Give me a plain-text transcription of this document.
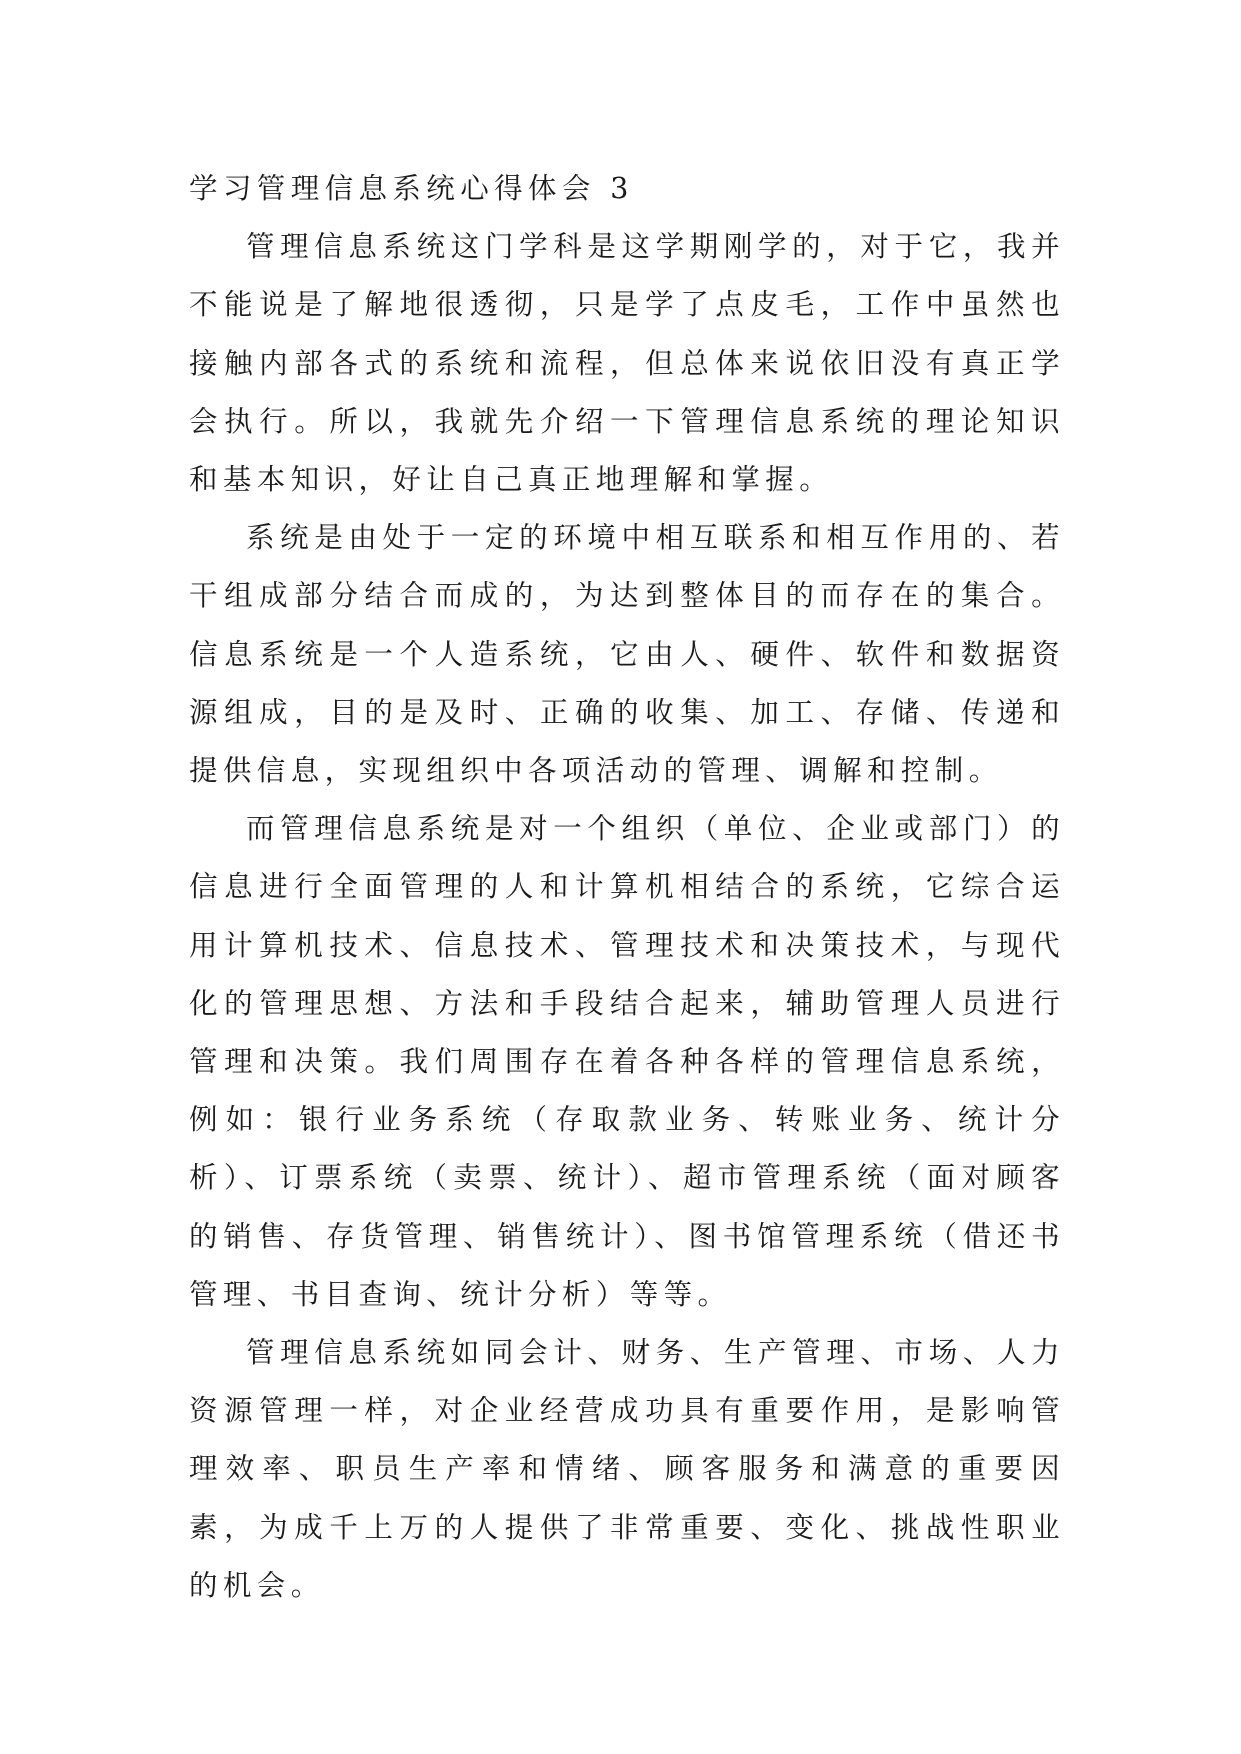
学习管理信息系统心得体会 3

管理信息系统这门学科是这学期刚学的，对于它，我并不能说是了解地很透彻，只是学了点皮毛，工作中虽然也接触内部各式的系统和流程，但总体来说依旧没有真正学会执行。所以，我就先介绍一下管理信息系统的理论知识和基本知识，好让自己真正地理解和掌握。

系统是由处于一定的环境中相互联系和相互作用的、若干组成部分结合而成的，为达到整体目的而存在的集合。信息系统是一个人造系统，它由人、硬件、软件和数据资源组成，目的是及时、正确的收集、加工、存储、传递和提供信息，实现组织中各项活动的管理、调解和控制。

而管理信息系统是对一个组织（单位、企业或部门）的信息进行全面管理的人和计算机相结合的系统，它综合运用计算机技术、信息技术、管理技术和决策技术，与现代化的管理思想、方法和手段结合起来，辅助管理人员进行管理和决策。我们周围存在着各种各样的管理信息系统，例如：银行业务系统（存取款业务、转账业务、统计分析）、订票系统（卖票、统计）、超市管理系统（面对顾客的销售、存货管理、销售统计）、图书馆管理系统（借还书管理、书目查询、统计分析）等等。

管理信息系统如同会计、财务、生产管理、市场、人力资源管理一样，对企业经营成功具有重要作用，是影响管理效率、职员生产率和情绪、顾客服务和满意的重要因素，为成千上万的人提供了非常重要、变化、挑战性职业的机会。
